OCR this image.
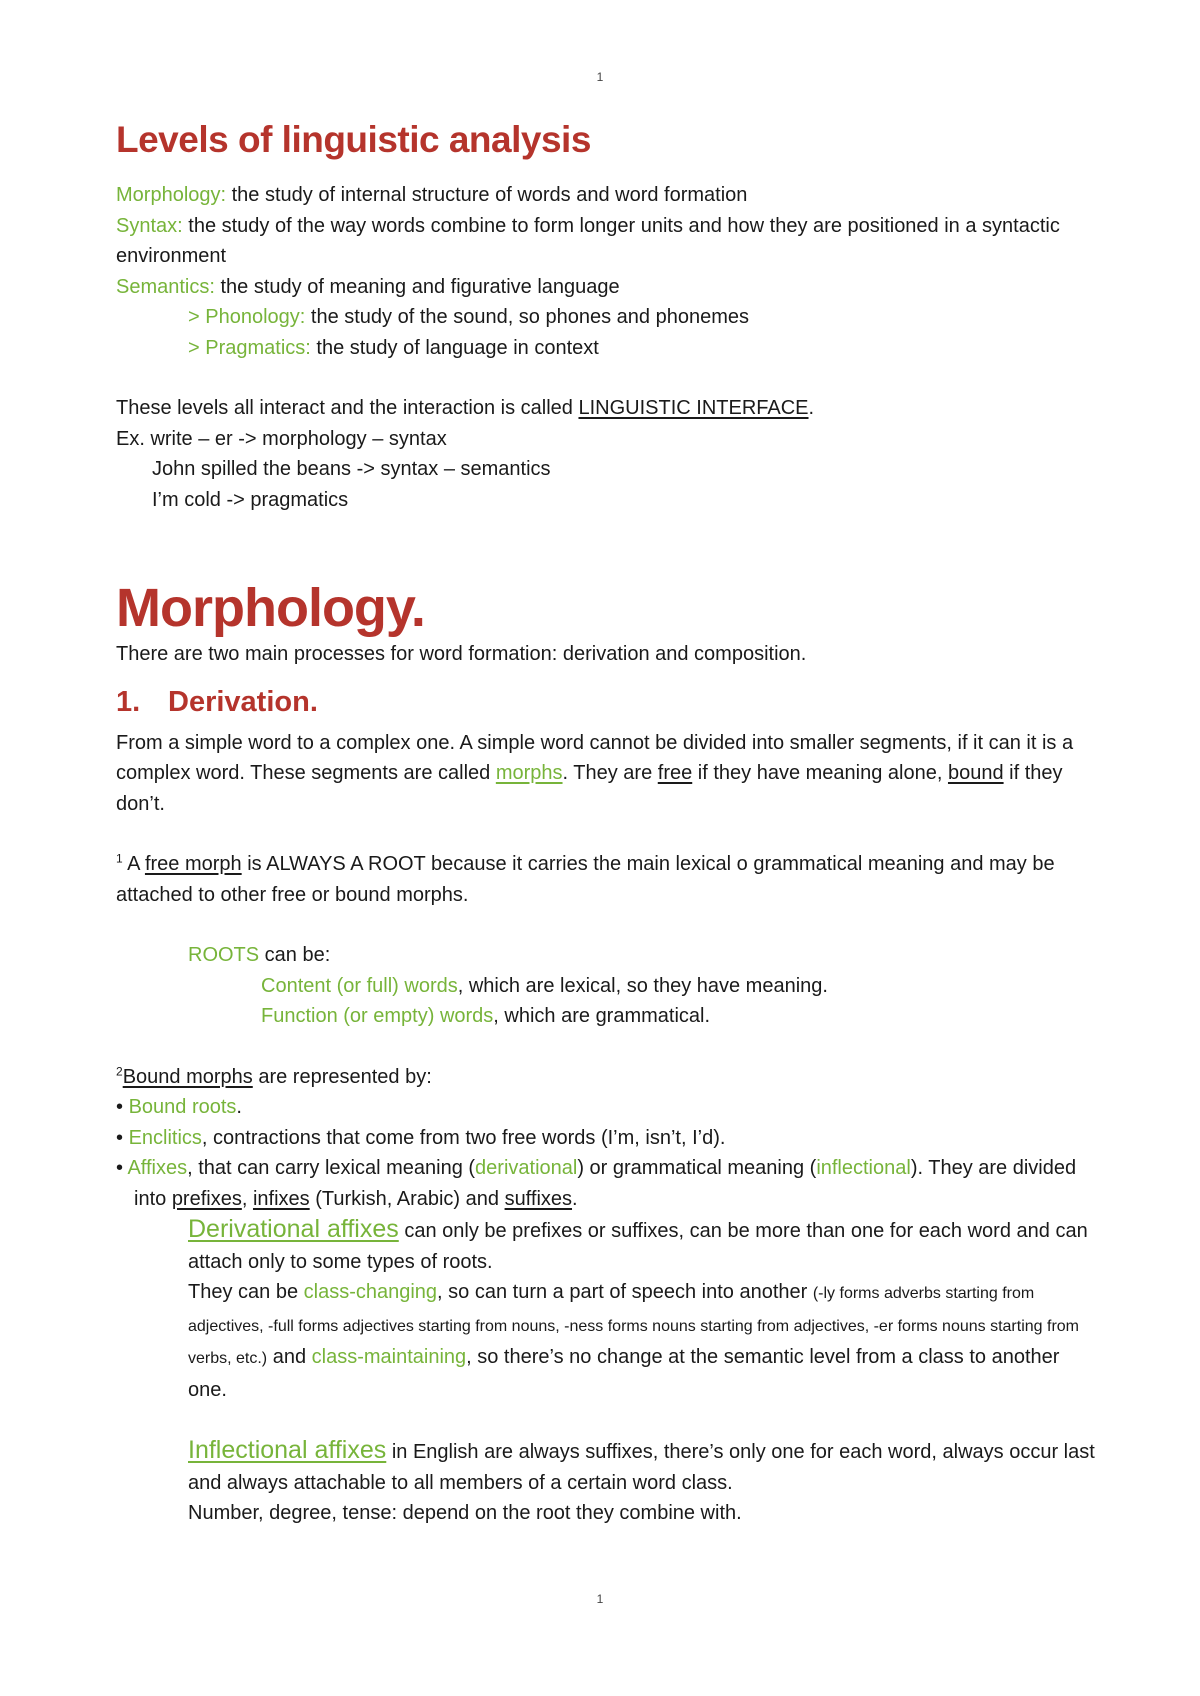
1
Levels of linguistic analysis

Morphology: the study of internal structure of words and word formation

Syntax: the study of the way words combine to form longer units and how they are positioned in a syntactic environment

Semantics: the study of meaning and figurative language

> Phonology: the study of the sound, so phones and phonemes

> Pragmatics: the study of language in context

These levels all interact and the interaction is called LINGUISTIC INTERFACE.

Ex. write – er -> morphology – syntax

John spilled the beans -> syntax – semantics

I’m cold -> pragmatics

Morphology.

There are two main processes for word formation: derivation and composition.

1. Derivation.

From a simple word to a complex one. A simple word cannot be divided into smaller segments, if it can it is a complex word. These segments are called morphs. They are free if they have meaning alone, bound if they don’t.

$^1$ A free morph is ALWAYS A ROOT because it carries the main lexical o grammatical meaning and may be attached to other free or bound morphs.

ROOTS can be:

Content (or full) words, which are lexical, so they have meaning.

Function (or empty) words, which are grammatical.

$^2$Bound morphs are represented by:

• Bound roots.

• Enclitics, contractions that come from two free words (I’m, isn’t, I’d).

• Affixes, that can carry lexical meaning (derivational) or grammatical meaning (inflectional). They are divided into prefixes, infixes (Turkish, Arabic) and suffixes.

Derivational affixes can only be prefixes or suffixes, can be more than one for each word and can attach only to some types of roots.

They can be class-changing, so can turn a part of speech into another (-ly forms adverbs starting from adjectives, -full forms adjectives starting from nouns, -ness forms nouns starting from adjectives, -er forms nouns starting from verbs, etc.) and class-maintaining, so there’s no change at the semantic level from a class to another one.

Inflectional affixes in English are always suffixes, there’s only one for each word, always occur last and always attachable to all members of a certain word class.

Number, degree, tense: depend on the root they combine with.

1
